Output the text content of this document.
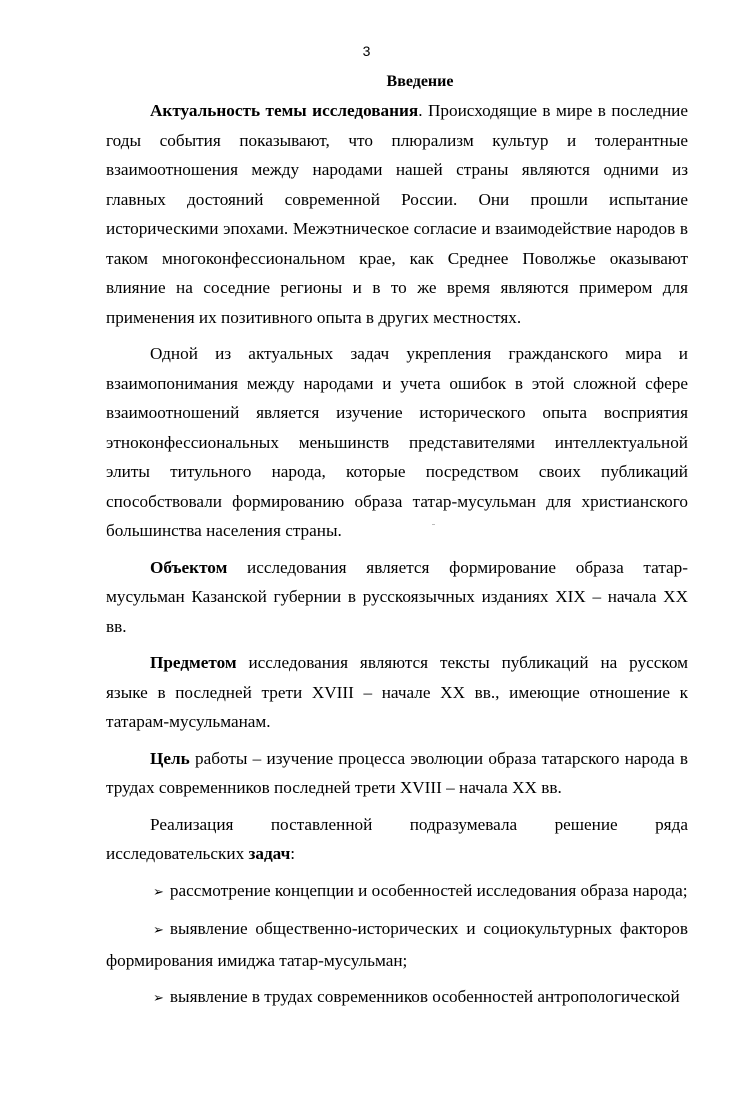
3
Введение

Актуальность темы исследования. Происходящие в мире в последние годы события показывают, что плюрализм культур и толерантные взаимоотношения между народами нашей страны являются одними из главных достояний современной России. Они прошли испытание историческими эпохами. Межэтническое согласие и взаимодействие народов в таком многоконфессиональном крае, как Среднее Поволжье оказывают влияние на соседние регионы и в то же время являются примером для применения их позитивного опыта в других местностях.

Одной из актуальных задач укрепления гражданского мира и взаимопонимания между народами и учета ошибок в этой сложной сфере взаимоотношений является изучение исторического опыта восприятия этноконфессиональных меньшинств представителями интеллектуальной элиты титульного народа, которые посредством своих публикаций способствовали формированию образа татар-мусульман для христианского большинства населения страны.

Объектом исследования является формирование образа татар-мусульман Казанской губернии в русскоязычных изданиях XIX – начала XX вв.

Предметом исследования являются тексты публикаций на русском языке в последней трети XVIII – начале XX вв., имеющие отношение к татарам-мусульманам.

Цель работы – изучение процесса эволюции образа татарского народа в трудах современников последней трети XVIII – начала XX вв.

Реализация поставленной подразумевала решение ряда
исследовательских задач:

➢ рассмотрение концепции и особенностей исследования образа народа;

➢ выявление общественно-исторических и социокультурных факторов формирования имиджа татар-мусульман;

➢ выявление в трудах современников особенностей антропологической
